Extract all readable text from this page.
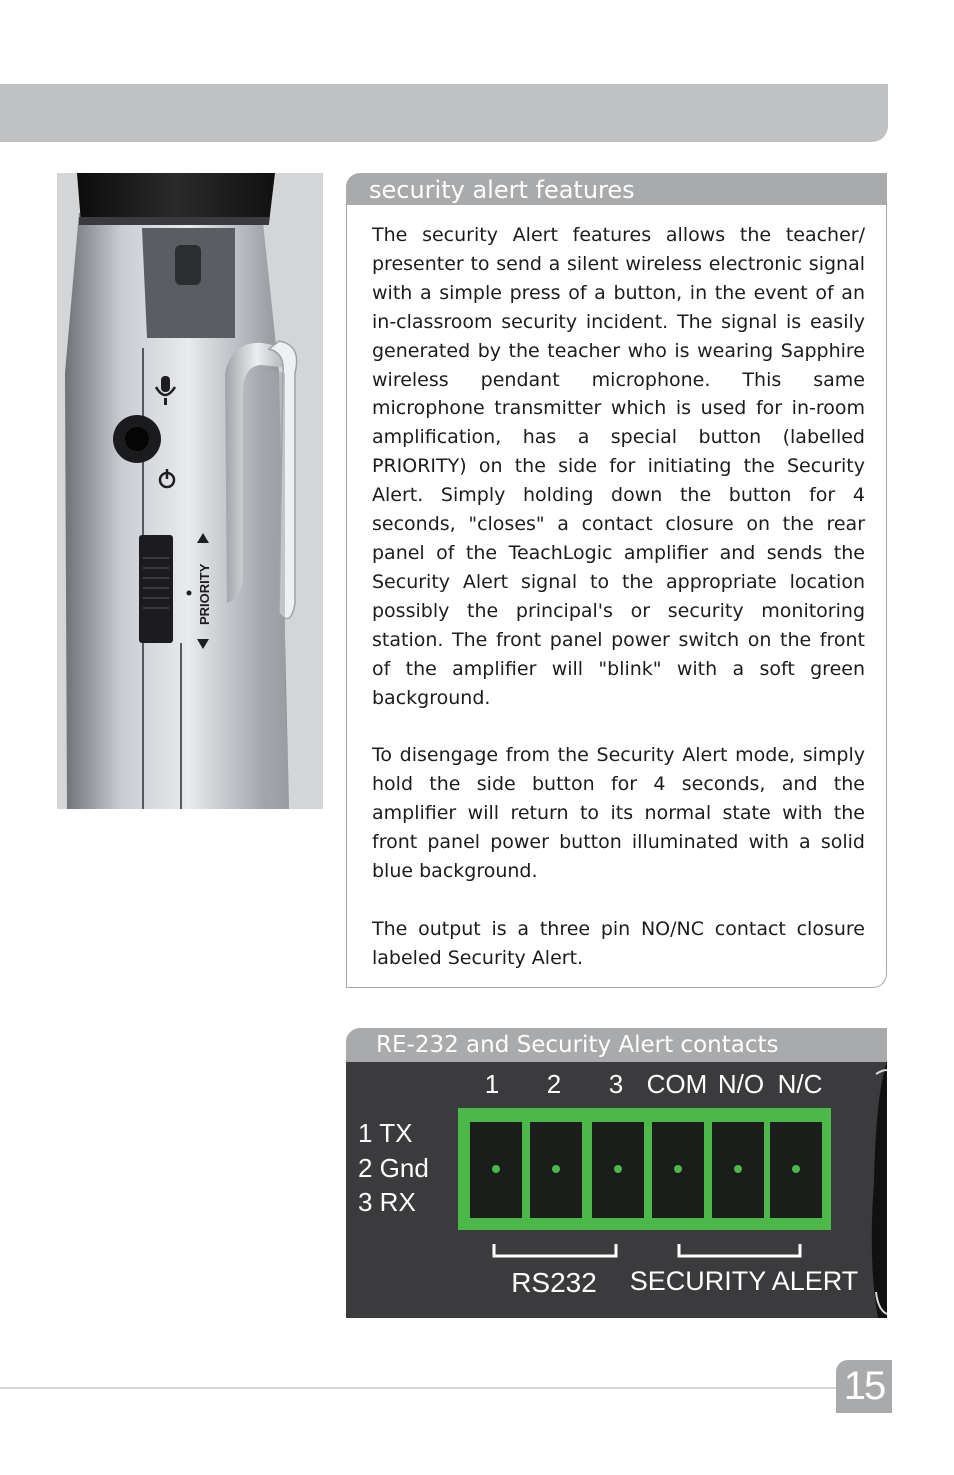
PRIORITY
security alert features

The security Alert features allows the teacher/ presenter to send a silent wireless electronic signal with a simple press of a button, in the event of an in-classroom security incident. The signal is easily generated by the teacher who is wearing Sapphire wireless pendant microphone. This same microphone transmitter which is used for in-room amplification, has a special button (labelled PRIORITY) on the side for initiating the Security Alert. Simply holding down the button for 4 seconds, "closes" a contact closure on the rear panel of the TeachLogic amplifier and sends the Security Alert signal to the appropriate location possibly the principal's or security monitoring station. The front panel power switch on the front of the amplifier will "blink" with a soft green background.

To disengage from the Security Alert mode, simply hold the side button for 4 seconds, and the amplifier will return to its normal state with the front panel power button illuminated with a solid blue background.

The output is a three pin NO/NC contact closure labeled Security Alert.

RE-232 and Security Alert contacts
1 2 3 COM N/O N/C
1 TX
2 Gnd
3 RX
RS232 SECURITY ALERT
15
